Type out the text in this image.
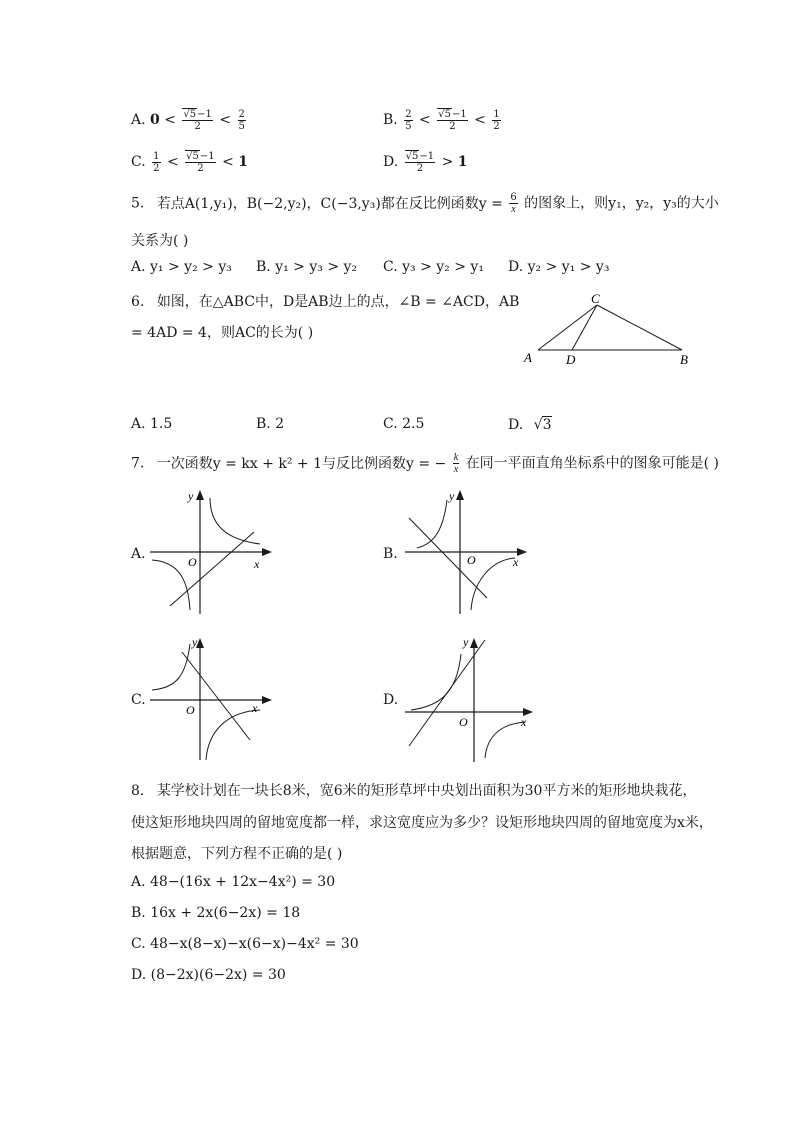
A. $0 < \frac{√5-1}{2} < \frac{2}{5}$	B. $\frac{2}{5} < \frac{√5-1}{2} < \frac{1}{2}$
C. $\frac{1}{2} < \frac{√5-1}{2} < 1$	D. $\frac{√5-1}{2} > 1$
5. 若点A(1,y₁)，B(−2,y₂)，C(−3,y₃)都在反比例函数$y = \frac{6}{x}$ 的图象上，则y₁，y₂，y₃的大小
关系为( )
A. y₁ > y₂ > y₃ B. y₁ > y₃ > y₂ C. y₃ > y₂ > y₁ D. y₂ > y₁ > y₃
6. 如图，在△ABC中，D是AB边上的点，∠B = ∠ACD，AB
= 4AD = 4，则AC的长为( )
C
A	D	B
A. 1.5	B. 2	C. 2.5	D. √3
7. 一次函数y = kx + k² + 1与反比例函数y = − $\frac{k}{x}$ 在同一平面直角坐标系中的图象可能是( )
A.	B.
C.	D.
y
x
O
y
x
O
y
x
O
y
x
O
8. 某学校计划在一块长8米，宽6米的矩形草坪中央划出面积为30平方米的矩形地块栽花，
使这矩形地块四周的留地宽度都一样，求这宽度应为多少？设矩形地块四周的留地宽度为x米，
根据题意，下列方程不正确的是( )
A. 48−(16x + 12x−4x²) = 30
B. 16x + 2x(6−2x) = 18
C. 48−x(8−x)−x(6−x)−4x² = 30
D. (8−2x)(6−2x) = 30
